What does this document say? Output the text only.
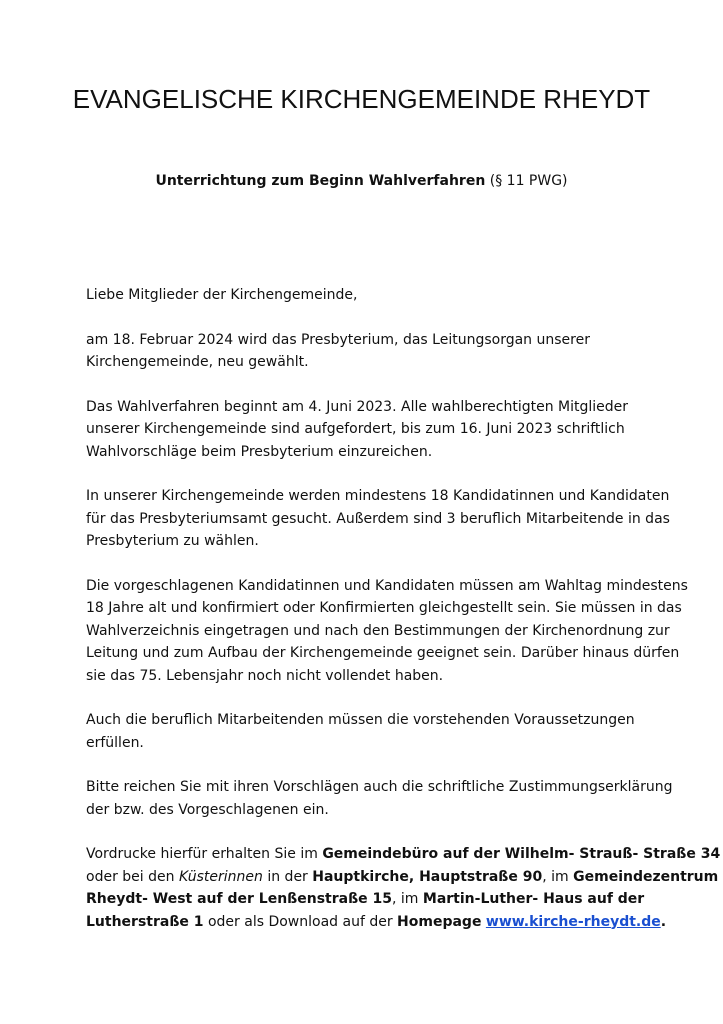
EVANGELISCHE KIRCHENGEMEINDE RHEYDT

Unterrichtung zum Beginn Wahlverfahren (§ 11 PWG)

Liebe Mitglieder der Kirchengemeinde,

am 18. Februar 2024 wird das Presbyterium, das Leitungsorgan unserer
Kirchengemeinde, neu gewählt.

Das Wahlverfahren beginnt am 4. Juni 2023. Alle wahlberechtigten Mitglieder
unserer Kirchengemeinde sind aufgefordert, bis zum 16. Juni 2023 schriftlich
Wahlvorschläge beim Presbyterium einzureichen.

In unserer Kirchengemeinde werden mindestens 18 Kandidatinnen und Kandidaten
für das Presbyteriumsamt gesucht. Außerdem sind 3 beruflich Mitarbeitende in das
Presbyterium zu wählen.

Die vorgeschlagenen Kandidatinnen und Kandidaten müssen am Wahltag mindestens
18 Jahre alt und konfirmiert oder Konfirmierten gleichgestellt sein. Sie müssen in das
Wahlverzeichnis eingetragen und nach den Bestimmungen der Kirchenordnung zur
Leitung und zum Aufbau der Kirchengemeinde geeignet sein. Darüber hinaus dürfen
sie das 75. Lebensjahr noch nicht vollendet haben.

Auch die beruflich Mitarbeitenden müssen die vorstehenden Voraussetzungen
erfüllen.

Bitte reichen Sie mit ihren Vorschlägen auch die schriftliche Zustimmungserklärung
der bzw. des Vorgeschlagenen ein.

Vordrucke hierfür erhalten Sie im Gemeindebüro auf der Wilhelm- Strauß- Straße 34
oder bei den Küsterinnen in der Hauptkirche, Hauptstraße 90, im Gemeindezentrum
Rheydt- West auf der Lenßenstraße 15, im Martin-Luther- Haus auf der
Lutherstraße 1 oder als Download auf der Homepage www.kirche-rheydt.de.
